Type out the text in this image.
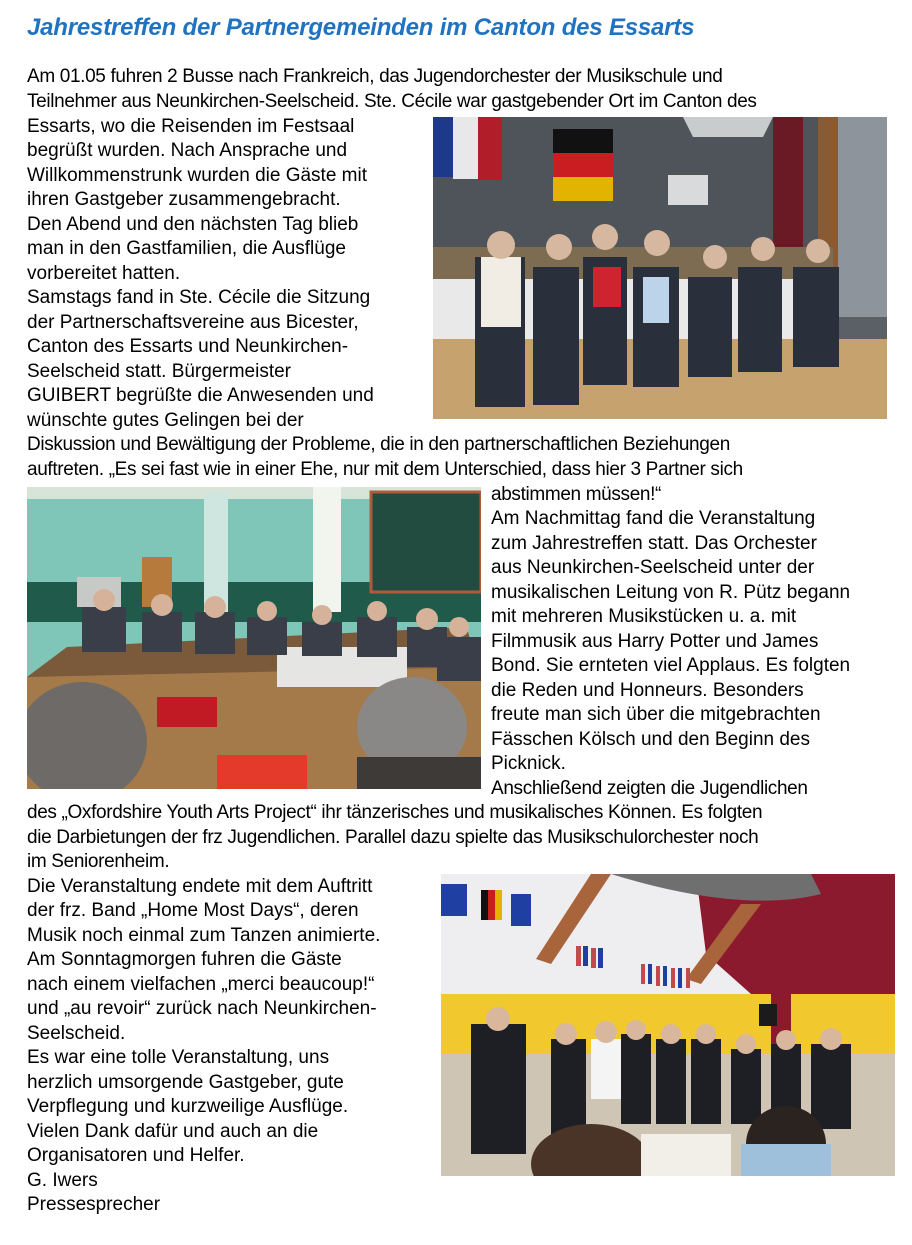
Jahrestreffen der Partnergemeinden im Canton des Essarts
Am 01.05 fuhren 2 Busse nach Frankreich, das Jugendorchester der Musikschule und
Teilnehmer aus Neunkirchen-Seelscheid. Ste. Cécile war gastgebender Ort im Canton des
Essarts, wo die Reisenden im Festsaal
begrüßt wurden. Nach Ansprache und
Willkommenstrunk wurden die Gäste mit
ihren Gastgeber zusammengebracht.
Den Abend und den nächsten Tag blieb
man in den Gastfamilien, die Ausflüge
vorbereitet hatten.
Samstags fand in Ste. Cécile die Sitzung
der Partnerschaftsvereine aus Bicester,
Canton des Essarts und Neunkirchen-
Seelscheid statt. Bürgermeister
GUIBERT begrüßte die Anwesenden und
wünschte gutes Gelingen bei der
Diskussion und Bewältigung der Probleme, die in den partnerschaftlichen Beziehungen
auftreten. „Es sei fast wie in einer Ehe, nur mit dem Unterschied, dass hier 3 Partner sich
abstimmen müssen!“
Am Nachmittag fand die Veranstaltung
zum Jahrestreffen statt. Das Orchester
aus Neunkirchen-Seelscheid unter der
musikalischen Leitung von R. Pütz begann
mit mehreren Musikstücken u. a. mit
Filmmusik aus Harry Potter und James
Bond. Sie ernteten viel Applaus. Es folgten
die Reden und Honneurs. Besonders
freute man sich über die mitgebrachten
Fässchen Kölsch und den Beginn des
Picknick.
Anschließend zeigten die Jugendlichen
des „Oxfordshire Youth Arts Project“ ihr tänzerisches und musikalisches Können. Es folgten
die Darbietungen der frz Jugendlichen. Parallel dazu spielte das Musikschulorchester noch
im Seniorenheim.
Die Veranstaltung endete mit dem Auftritt
der frz. Band „Home Most Days“, deren
Musik noch einmal zum Tanzen animierte.
Am Sonntagmorgen fuhren die Gäste
nach einem vielfachen „merci beaucoup!“
und „au revoir“ zurück nach Neunkirchen-
Seelscheid.
Es war eine tolle Veranstaltung, uns
herzlich umsorgende Gastgeber, gute
Verpflegung und kurzweilige Ausflüge.
Vielen Dank dafür und auch an die
Organisatoren und Helfer.
G. Iwers
Pressesprecher
